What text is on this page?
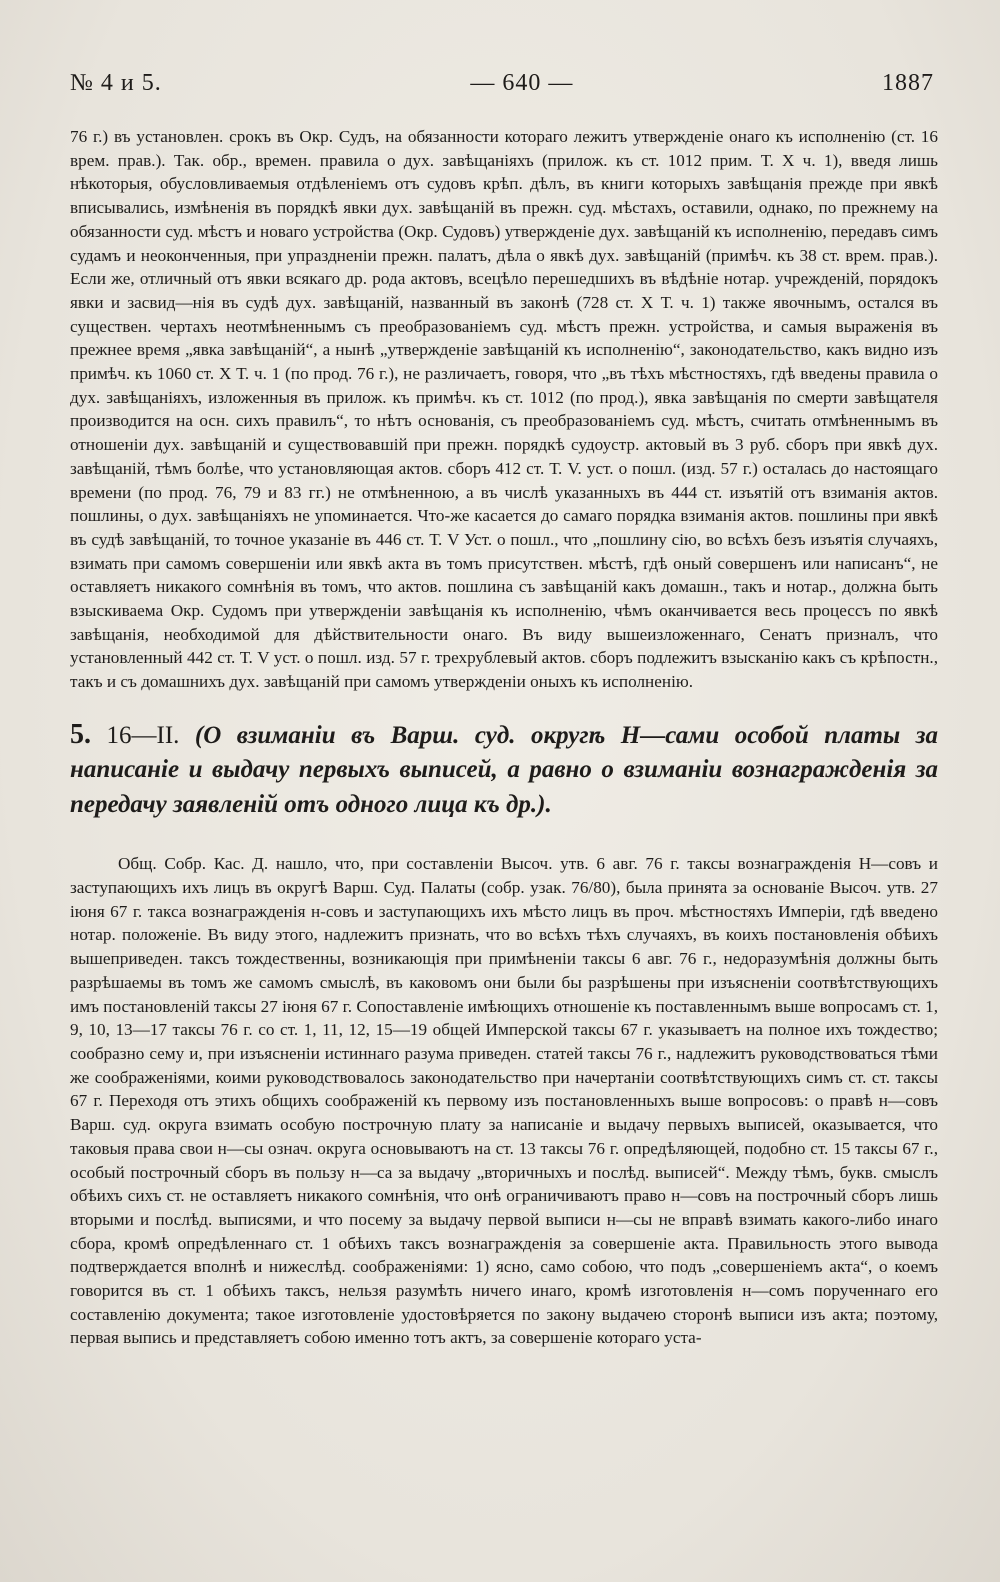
№ 4 и 5.	— 640 —	1887

76 г.) въ установлен. срокъ въ Окр. Судъ, на обязанности котораго лежитъ утвержденіе онаго къ исполненію (ст. 16 врем. прав.). Так. обр., времен. правила о дух. завѣщаніяхъ (прилож. къ ст. 1012 прим. Т. X ч. 1), введя лишь нѣкоторыя, обусловливаемыя отдѣленіемъ отъ судовъ крѣп. дѣлъ, въ книги которыхъ завѣщанія прежде при явкѣ вписывались, измѣненія въ порядкѣ явки дух. завѣщаній въ прежн. суд. мѣстахъ, оставили, однако, по прежнему на обязанности суд. мѣстъ и новаго устройства (Окр. Судовъ) утвержденіе дух. завѣщаній къ исполненію, передавъ симъ судамъ и неоконченныя, при упраздненіи прежн. палатъ, дѣла о явкѣ дух. завѣщаній (примѣч. къ 38 ст. врем. прав.). Если же, отличный отъ явки всякаго др. рода актовъ, всецѣло перешедшихъ въ вѣдѣніе нотар. учрежденій, порядокъ явки и засвид—нія въ судѣ дух. завѣщаній, названный въ законѣ (728 ст. X Т. ч. 1) также явочнымъ, остался въ существен. чертахъ неотмѣненнымъ съ преобразованіемъ суд. мѣстъ прежн. устройства, и самыя выраженія въ прежнее время „явка завѣщаній“, а нынѣ „утвержденіе завѣщаній къ исполненію“, законодательство, какъ видно изъ примѣч. къ 1060 ст. X Т. ч. 1 (по прод. 76 г.), не различаетъ, говоря, что „въ тѣхъ мѣстностяхъ, гдѣ введены правила о дух. завѣщаніяхъ, изложенныя въ прилож. къ примѣч. къ ст. 1012 (по прод.), явка завѣщанія по смерти завѣщателя производится на осн. сихъ правилъ“, то нѣтъ основанія, съ преобразованіемъ суд. мѣстъ, считать отмѣненнымъ въ отношеніи дух. завѣщаній и существовавшій при прежн. порядкѣ судоустр. актовый въ 3 руб. сборъ при явкѣ дух. завѣщаній, тѣмъ болѣе, что установляющая актов. сборъ 412 ст. Т. V. уст. о пошл. (изд. 57 г.) осталась до настоящаго времени (по прод. 76, 79 и 83 гг.) не отмѣненною, а въ числѣ указанныхъ въ 444 ст. изъятій отъ взиманія актов. пошлины, о дух. завѣщаніяхъ не упоминается. Что-же касается до самаго порядка взиманія актов. пошлины при явкѣ въ судѣ завѣщаній, то точное указаніе въ 446 ст. Т. V Уст. о пошл., что „пошлину сію, во всѣхъ безъ изъятія случаяхъ, взимать при самомъ совершеніи или явкѣ акта въ томъ присутствен. мѣстѣ, гдѣ оный совершенъ или написанъ“, не оставляетъ никакого сомнѣнія въ томъ, что актов. пошлина съ завѣщаній какъ домашн., такъ и нотар., должна быть взыскиваема Окр. Судомъ при утвержденіи завѣщанія къ исполненію, чѣмъ оканчивается весь процессъ по явкѣ завѣщанія, необходимой для дѣйствительности онаго. Въ виду вышеизложеннаго, Сенатъ призналъ, что установленный 442 ст. Т. V уст. о пошл. изд. 57 г. трехрублевый актов. сборъ подлежитъ взысканію какъ съ крѣпостн., такъ и съ домашнихъ дух. завѣщаній при самомъ утвержденіи оныхъ къ исполненію.

5. 16—II. (О взиманіи въ Варш. суд. округѣ Н—сами особой платы за написаніе и выдачу первыхъ выписей, а равно о взиманіи вознагражденія за передачу заявленій отъ одного лица къ др.).

Общ. Собр. Кас. Д. нашло, что, при составленіи Высоч. утв. 6 авг. 76 г. таксы вознагражденія Н—совъ и заступающихъ ихъ лицъ въ округѣ Варш. Суд. Палаты (собр. узак. 76/80), была принята за основаніе Высоч. утв. 27 іюня 67 г. такса вознагражденія н-совъ и заступающихъ ихъ мѣсто лицъ въ проч. мѣстностяхъ Имперіи, гдѣ введено нотар. положеніе. Въ виду этого, надлежитъ признать, что во всѣхъ тѣхъ случаяхъ, въ коихъ постановленія обѣихъ вышеприведен. таксъ тождественны, возникающія при примѣненіи таксы 6 авг. 76 г., недоразумѣнія должны быть разрѣшаемы въ томъ же самомъ смыслѣ, въ каковомъ они были бы разрѣшены при изъясненіи соотвѣтствующихъ имъ постановленій таксы 27 іюня 67 г. Сопоставленіе имѣющихъ отношеніе къ поставленнымъ выше вопросамъ ст. 1, 9, 10, 13—17 таксы 76 г. со ст. 1, 11, 12, 15—19 общей Имперской таксы 67 г. указываетъ на полное ихъ тождество; сообразно сему и, при изъясненіи истиннаго разума приведен. статей таксы 76 г., надлежитъ руководствоваться тѣми же соображеніями, коими руководствовалось законодательство при начертаніи соотвѣтствующихъ симъ ст. ст. таксы 67 г. Переходя отъ этихъ общихъ соображеній къ первому изъ постановленныхъ выше вопросовъ: о правѣ н—совъ Варш. суд. округа взимать особую построчную плату за написаніе и выдачу первыхъ выписей, оказывается, что таковыя права свои н—сы означ. округа основываютъ на ст. 13 таксы 76 г. опредѣляющей, подобно ст. 15 таксы 67 г., особый построчный сборъ въ пользу н—са за выдачу „вторичныхъ и послѣд. выписей“. Между тѣмъ, букв. смыслъ обѣихъ сихъ ст. не оставляетъ никакого сомнѣнія, что онѣ ограничиваютъ право н—совъ на построчный сборъ лишь вторыми и послѣд. выписями, и что посему за выдачу первой выписи н—сы не вправѣ взимать какого-либо инаго сбора, кромѣ опредѣленнаго ст. 1 обѣихъ таксъ вознагражденія за совершеніе акта. Правильность этого вывода подтверждается вполнѣ и нижеслѣд. соображеніями: 1) ясно, само собою, что подъ „совершеніемъ акта“, о коемъ говорится въ ст. 1 обѣихъ таксъ, нельзя разумѣть ничего инаго, кромѣ изготовленія н—сомъ порученнаго его составленію документа; такое изготовленіе удостовѣряется по закону выдачею сторонѣ выписи изъ акта; поэтому, первая выпись и представляетъ собою именно тотъ актъ, за совершеніе котораго уста-
